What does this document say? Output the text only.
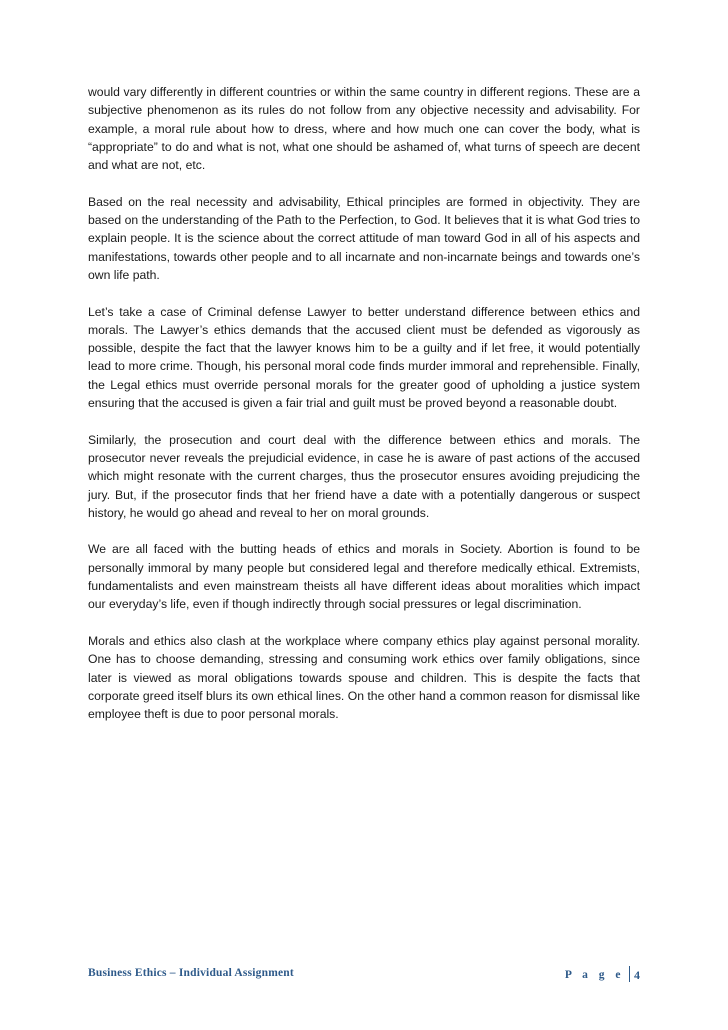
would vary differently in different countries or within the same country in different regions. These are a subjective phenomenon as its rules do not follow from any objective necessity and advisability. For example, a moral rule about how to dress, where and how much one can cover the body, what is “appropriate” to do and what is not, what one should be ashamed of, what turns of speech are decent and what are not, etc.

Based on the real necessity and advisability, Ethical principles are formed in objectivity. They are based on the understanding of the Path to the Perfection, to God. It believes that it is what God tries to explain people. It is the science about the correct attitude of man toward God in all of his aspects and manifestations, towards other people and to all incarnate and non-incarnate beings and towards one’s own life path.

Let’s take a case of Criminal defense Lawyer to better understand difference between ethics and morals. The Lawyer’s ethics demands that the accused client must be defended as vigorously as possible, despite the fact that the lawyer knows him to be a guilty and if let free, it would potentially lead to more crime. Though, his personal moral code finds murder immoral and reprehensible. Finally, the Legal ethics must override personal morals for the greater good of upholding a justice system ensuring that the accused is given a fair trial and guilt must be proved beyond a reasonable doubt.

Similarly, the prosecution and court deal with the difference between ethics and morals. The prosecutor never reveals the prejudicial evidence, in case he is aware of past actions of the accused which might resonate with the current charges, thus the prosecutor ensures avoiding prejudicing the jury. But, if the prosecutor finds that her friend have a date with a potentially dangerous or suspect history, he would go ahead and reveal to her on moral grounds.

We are all faced with the butting heads of ethics and morals in Society. Abortion is found to be personally immoral by many people but considered legal and therefore medically ethical. Extremists, fundamentalists and even mainstream theists all have different ideas about moralities which impact our everyday’s life, even if though indirectly through social pressures or legal discrimination.

Morals and ethics also clash at the workplace where company ethics play against personal morality. One has to choose demanding, stressing and consuming work ethics over family obligations, since later is viewed as moral obligations towards spouse and children. This is despite the facts that corporate greed itself blurs its own ethical lines. On the other hand a common reason for dismissal like employee theft is due to poor personal morals.

Business Ethics – Individual Assignment	P a g e 4
